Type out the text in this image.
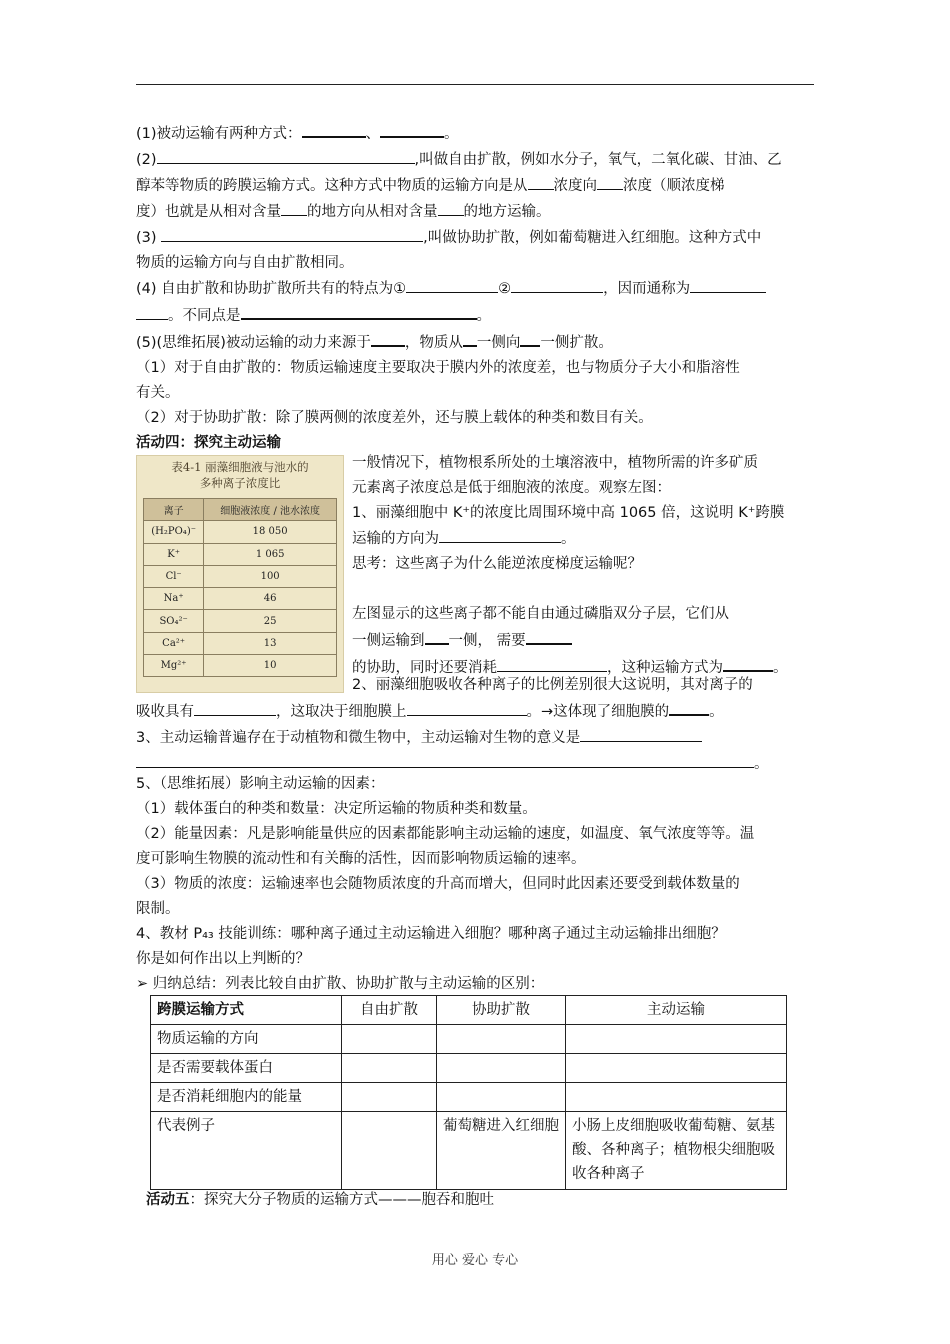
(1)被动运输有两种方式：	、	。

(2)	,叫做自由扩散，例如水分子，氧气，二氧化碳、甘油、乙

醇苯等物质的跨膜运输方式。这种方式中物质的运输方向是从 浓度向 浓度（顺浓度梯

度）也就是从相对含量 的地方向从相对含量 的地方运输。

(3)	,叫做协助扩散，例如葡萄糖进入红细胞。这种方式中

物质的运输方向与自由扩散相同。

(4) 自由扩散和协助扩散所共有的特点为①	②	，因而通称为

。不同点是	。

(5)(思维拓展)被动运输的动力来源于 ，物质从 一侧向 一侧扩散。

（1）对于自由扩散的：物质运输速度主要取决于膜内外的浓度差，也与物质分子大小和脂溶性

有关。

（2）对于协助扩散：除了膜两侧的浓度差外，还与膜上载体的种类和数目有关。

活动四：探究主动运输

表4-1 丽藻细胞液与池水的
多种离子浓度比
离子	细胞液浓度 / 池水浓度
(H₂PO₄)⁻	18 050
K⁺	1 065
Cl⁻	100
Na⁺	46
SO₄²⁻	25
Ca²⁺	13
Mg²⁺	10

一般情况下，植物根系所处的土壤溶液中，植物所需的许多矿质

元素离子浓度总是低于细胞液的浓度。观察左图：

1、丽藻细胞中 K⁺的浓度比周围环境中高 1065 倍，这说明 K⁺跨膜

运输的方向为	。

思考：这些离子为什么能逆浓度梯度运输呢？

左图显示的这些离子都不能自由通过磷脂双分子层，它们从

一侧运输到 一侧， 需要

的协助，同时还要消耗	，这种运输方式为	。

2、丽藻细胞吸收各种离子的比例差别很大这说明，其对离子的

吸收具有	，这取决于细胞膜上	。→这体现了细胞膜的	。

3、主动运输普遍存在于动植物和微生物中，主动运输对生物的意义是

。

5、（思维拓展）影响主动运输的因素：

（1）载体蛋白的种类和数量：决定所运输的物质种类和数量。

（2）能量因素：凡是影响能量供应的因素都能影响主动运输的速度，如温度、氧气浓度等等。温

度可影响生物膜的流动性和有关酶的活性，因而影响物质运输的速率。

（3）物质的浓度：运输速率也会随物质浓度的升高而增大，但同时此因素还要受到载体数量的

限制。

4、教材 P₄₃ 技能训练：哪种离子通过主动运输进入细胞？哪种离子通过主动运输排出细胞？

你是如何作出以上判断的？

➢ 归纳总结：列表比较自由扩散、协助扩散与主动运输的区别：

跨膜运输方式	自由扩散	协助扩散	主动运输
物质运输的方向			
是否需要载体蛋白			
是否消耗细胞内的能量			
代表例子		葡萄糖进入红细胞	小肠上皮细胞吸收葡萄糖、氨基酸、各种离子；植物根尖细胞吸收各种离子
活动五：探究大分子物质的运输方式———胞吞和胞吐
用心 爱心 专心
